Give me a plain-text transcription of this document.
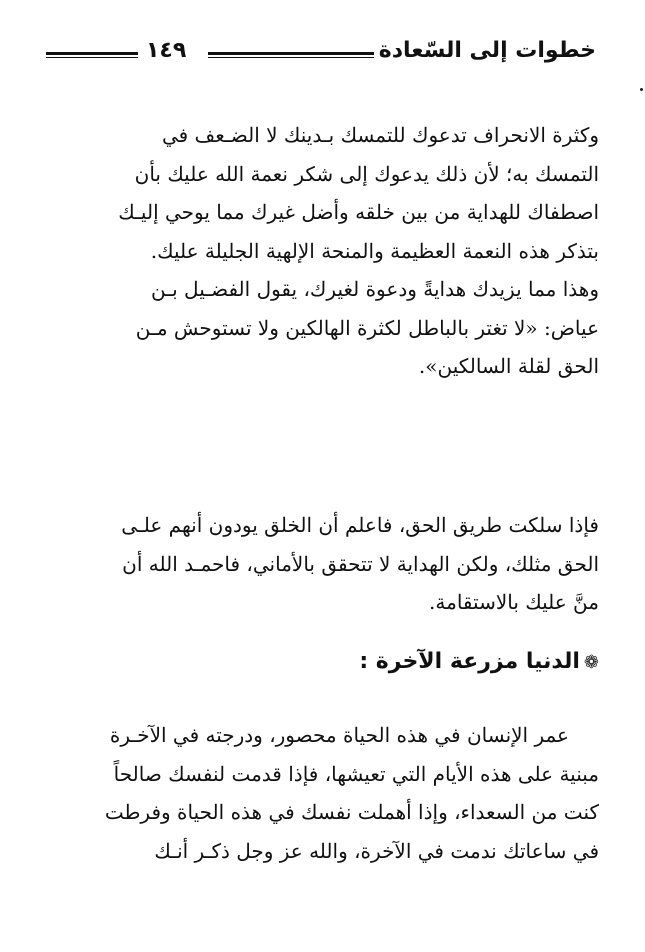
خطوات إلى السّعادة
١٤٩
وكثرة الانحراف تدعوك للتمسك بـدينك لا الضـعف في
التمسك به؛ لأن ذلك يدعوك إلى شكر نعمة الله عليك بأن
اصطفاك للهداية من بين خلقه وأضل غيرك مما يوحي إليـك
بتذكر هذه النعمة العظيمة والمنحة الإلهية الجليلة عليك.
وهذا مما يزيدك هدايةً ودعوة لغيرك، يقول الفضـيل بـن
عياض: «لا تغتر بالباطل لكثرة الهالكين ولا تستوحش مـن
الحق لقلة السالكين».
فإذا سلكت طريق الحق، فاعلم أن الخلق يودون أنهم علـى
الحق مثلك، ولكن الهداية لا تتحقق بالأماني، فاحمـد الله أن
منَّ عليك بالاستقامة.
❁الدنيا مزرعة الآخرة :
عمر الإنسان في هذه الحياة محصور، ودرجته في الآخـرة
مبنية على هذه الأيام التي تعيشها، فإذا قدمت لنفسك صالحاً
كنت من السعداء، وإذا أهملت نفسك في هذه الحياة وفرطت
في ساعاتك ندمت في الآخرة، والله عز وجل ذكـر أنـك
